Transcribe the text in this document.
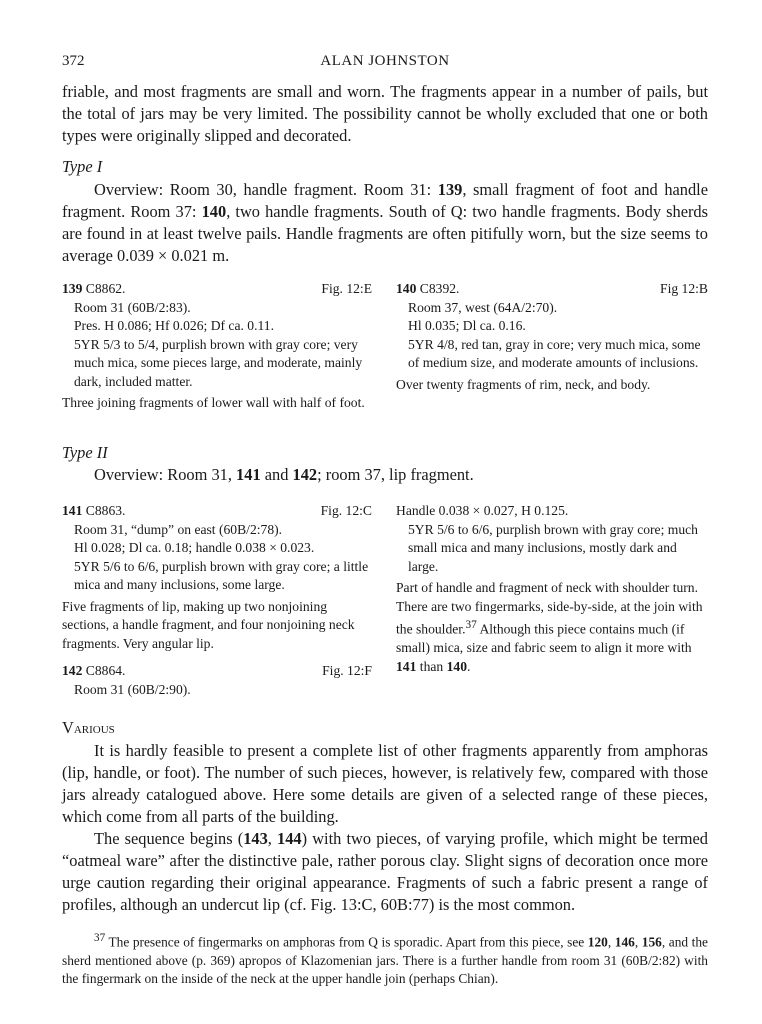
372	ALAN JOHNSTON

friable, and most fragments are small and worn. The fragments appear in a number of pails, but the total of jars may be very limited. The possibility cannot be wholly excluded that one or both types were originally slipped and decorated.

Type I

Overview: Room 30, handle fragment. Room 31: 139, small fragment of foot and handle fragment. Room 37: 140, two handle fragments. South of Q: two handle fragments. Body sherds are found in at least twelve pails. Handle fragments are often pitifully worn, but the size seems to average 0.039 × 0.021 m.

139 C8862.	Fig. 12:E
Room 31 (60B/2:83).
Pres. H 0.086; Hf 0.026; Df ca. 0.11.
5YR 5/3 to 5/4, purplish brown with gray core; very much mica, some pieces large, and moderate, mainly dark, included matter.
Three joining fragments of lower wall with half of foot.
140 C8392.	Fig 12:B
Room 37, west (64A/2:70).
Hl 0.035; Dl ca. 0.16.
5YR 4/8, red tan, gray in core; very much mica, some of medium size, and moderate amounts of inclusions.
Over twenty fragments of rim, neck, and body.
Type II

Overview: Room 31, 141 and 142; room 37, lip fragment.

141 C8863.	Fig. 12:C
Room 31, “dump” on east (60B/2:78).
Hl 0.028; Dl ca. 0.18; handle 0.038 × 0.023.
5YR 5/6 to 6/6, purplish brown with gray core; a little mica and many inclusions, some large.
Five fragments of lip, making up two nonjoining sections, a handle fragment, and four nonjoining neck fragments. Very angular lip.
142 C8864.	Fig. 12:F
Room 31 (60B/2:90).
Handle 0.038 × 0.027, H 0.125.
5YR 5/6 to 6/6, purplish brown with gray core; much small mica and many inclusions, mostly dark and large.
Part of handle and fragment of neck with shoulder turn. There are two fingermarks, side-by-side, at the join with the shoulder.$^{37}$ Although this piece contains much (if small) mica, size and fabric seem to align it more with 141 than 140.
Various

It is hardly feasible to present a complete list of other fragments apparently from amphoras (lip, handle, or foot). The number of such pieces, however, is relatively few, compared with those jars already catalogued above. Here some details are given of a selected range of these pieces, which come from all parts of the building.

The sequence begins (143, 144) with two pieces, of varying profile, which might be termed “oatmeal ware” after the distinctive pale, rather porous clay. Slight signs of decoration once more urge caution regarding their original appearance. Fragments of such a fabric present a range of profiles, although an undercut lip (cf. Fig. 13:C, 60B:77) is the most common.

$^{37}$ The presence of fingermarks on amphoras from Q is sporadic. Apart from this piece, see 120, 146, 156, and the sherd mentioned above (p. 369) apropos of Klazomenian jars. There is a further handle from room 31 (60B/2:82) with the fingermark on the inside of the neck at the upper handle join (perhaps Chian).
